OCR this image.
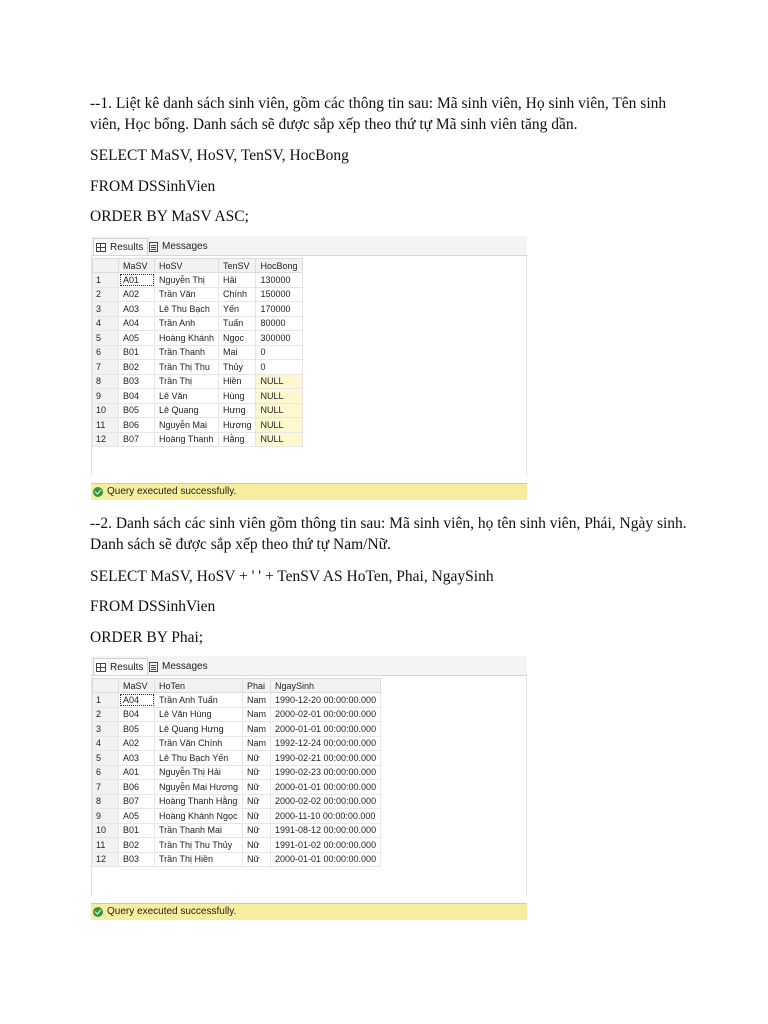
--1. Liệt kê danh sách sinh viên, gồm các thông tin sau: Mã sinh viên, Họ sinh viên, Tên sinh viên, Học bổng. Danh sách sẽ được sắp xếp theo thứ tự Mã sinh viên tăng dần.

SELECT MaSV, HoSV, TenSV, HocBong

FROM DSSinhVien

ORDER BY MaSV ASC;

Results Messages
	MaSV	HoSV	TenSV	HocBong
1	A01	Nguyễn Thị	Hải	130000
2	A02	Trần Văn	Chính	150000
3	A03	Lê Thu Bạch	Yến	170000
4	A04	Trần Anh	Tuấn	80000
5	A05	Hoàng Khánh	Ngọc	300000
6	B01	Trần Thanh	Mai	0
7	B02	Trần Thị Thu	Thủy	0
8	B03	Trần Thị	Hiền	NULL
9	B04	Lê Văn	Hùng	NULL
10	B05	Lê Quang	Hưng	NULL
11	B06	Nguyễn Mai	Hương	NULL
12	B07	Hoàng Thanh	Hằng	NULL
Query executed successfully.

--2. Danh sách các sinh viên gồm thông tin sau: Mã sinh viên, họ tên sinh viên, Phái, Ngày sinh. Danh sách sẽ được sắp xếp theo thứ tự Nam/Nữ.

SELECT MaSV, HoSV + ' ' + TenSV AS HoTen, Phai, NgaySinh

FROM DSSinhVien

ORDER BY Phai;

Results Messages
	MaSV	HoTen	Phai	NgaySinh
1	A04	Trần Anh Tuấn	Nam	1990-12-20 00:00:00.000
2	B04	Lê Văn Hùng	Nam	2000-02-01 00:00:00.000
3	B05	Lê Quang Hưng	Nam	2000-01-01 00:00:00.000
4	A02	Trần Văn Chính	Nam	1992-12-24 00:00:00.000
5	A03	Lê Thu Bạch Yến	Nữ	1990-02-21 00:00:00.000
6	A01	Nguyễn Thị Hải	Nữ	1990-02-23 00:00:00.000
7	B06	Nguyễn Mai Hương	Nữ	2000-01-01 00:00:00.000
8	B07	Hoàng Thanh Hằng	Nữ	2000-02-02 00:00:00.000
9	A05	Hoàng Khánh Ngọc	Nữ	2000-11-10 00:00:00.000
10	B01	Trần Thanh Mai	Nữ	1991-08-12 00:00:00.000
11	B02	Trần Thị Thu Thủy	Nữ	1991-01-02 00:00:00.000
12	B03	Trần Thị Hiền	Nữ	2000-01-01 00:00:00.000
Query executed successfully.
